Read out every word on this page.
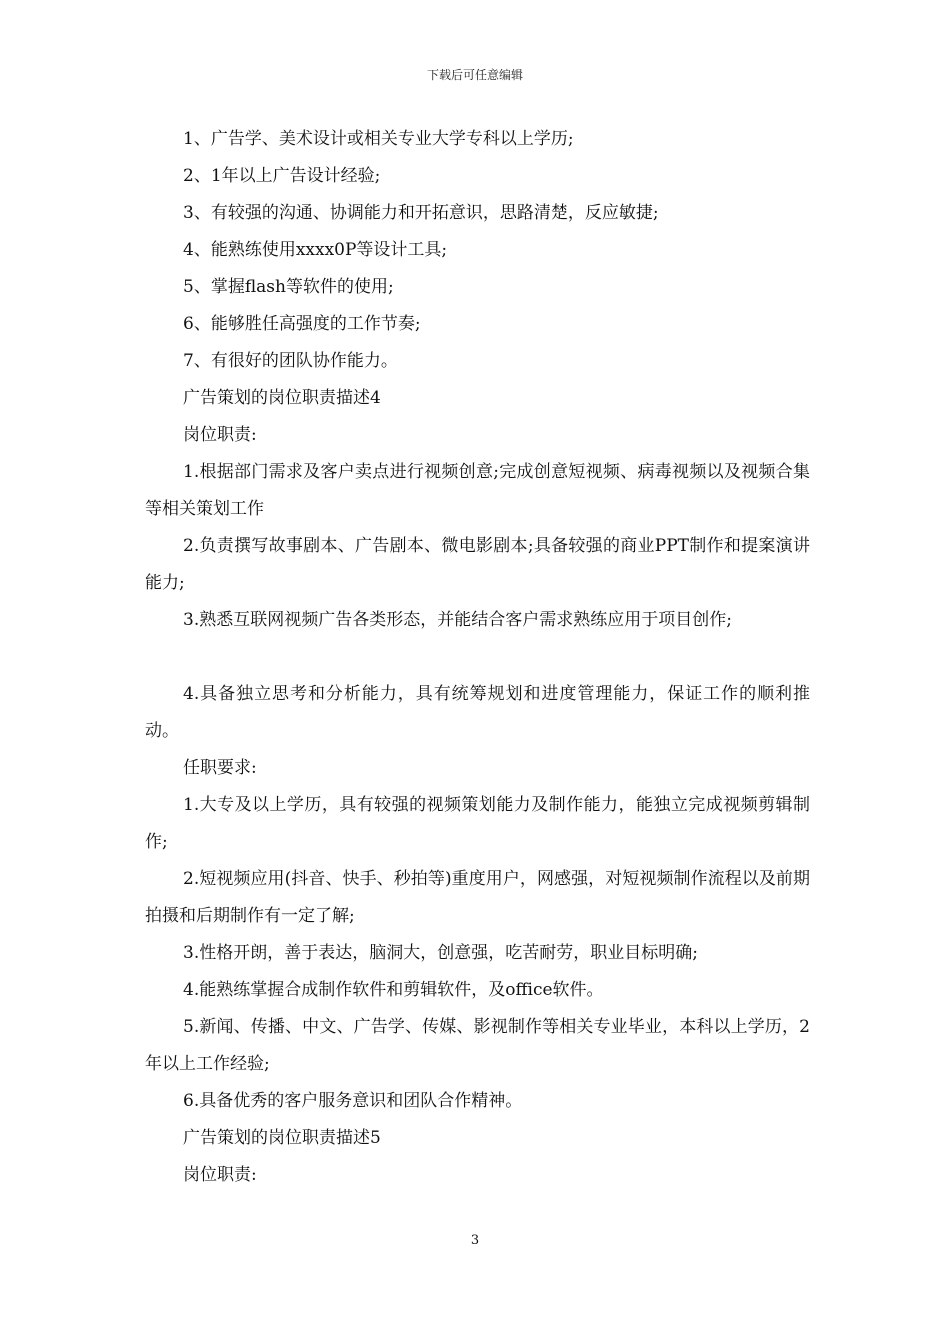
下载后可任意编辑

1、广告学、美术设计或相关专业大学专科以上学历;

2、1年以上广告设计经验;

3、有较强的沟通、协调能力和开拓意识，思路清楚，反应敏捷;

4、能熟练使用xxxx0P等设计工具;

5、掌握flash等软件的使用;

6、能够胜任高强度的工作节奏;

7、有很好的团队协作能力。

广告策划的岗位职责描述4

岗位职责:

1.根据部门需求及客户卖点进行视频创意;完成创意短视频、病毒视频以及视频合集等相关策划工作

2.负责撰写故事剧本、广告剧本、微电影剧本;具备较强的商业PPT制作和提案演讲能力;

3.熟悉互联网视频广告各类形态，并能结合客户需求熟练应用于项目创作;

4.具备独立思考和分析能力，具有统筹规划和进度管理能力，保证工作的顺利推动。

任职要求:

1.大专及以上学历，具有较强的视频策划能力及制作能力，能独立完成视频剪辑制作;

2.短视频应用(抖音、快手、秒拍等)重度用户，网感强，对短视频制作流程以及前期拍摄和后期制作有一定了解;

3.性格开朗，善于表达，脑洞大，创意强，吃苦耐劳，职业目标明确;

4.能熟练掌握合成制作软件和剪辑软件，及office软件。

5.新闻、传播、中文、广告学、传媒、影视制作等相关专业毕业，本科以上学历，2年以上工作经验;

6.具备优秀的客户服务意识和团队合作精神。

广告策划的岗位职责描述5

岗位职责:

3
